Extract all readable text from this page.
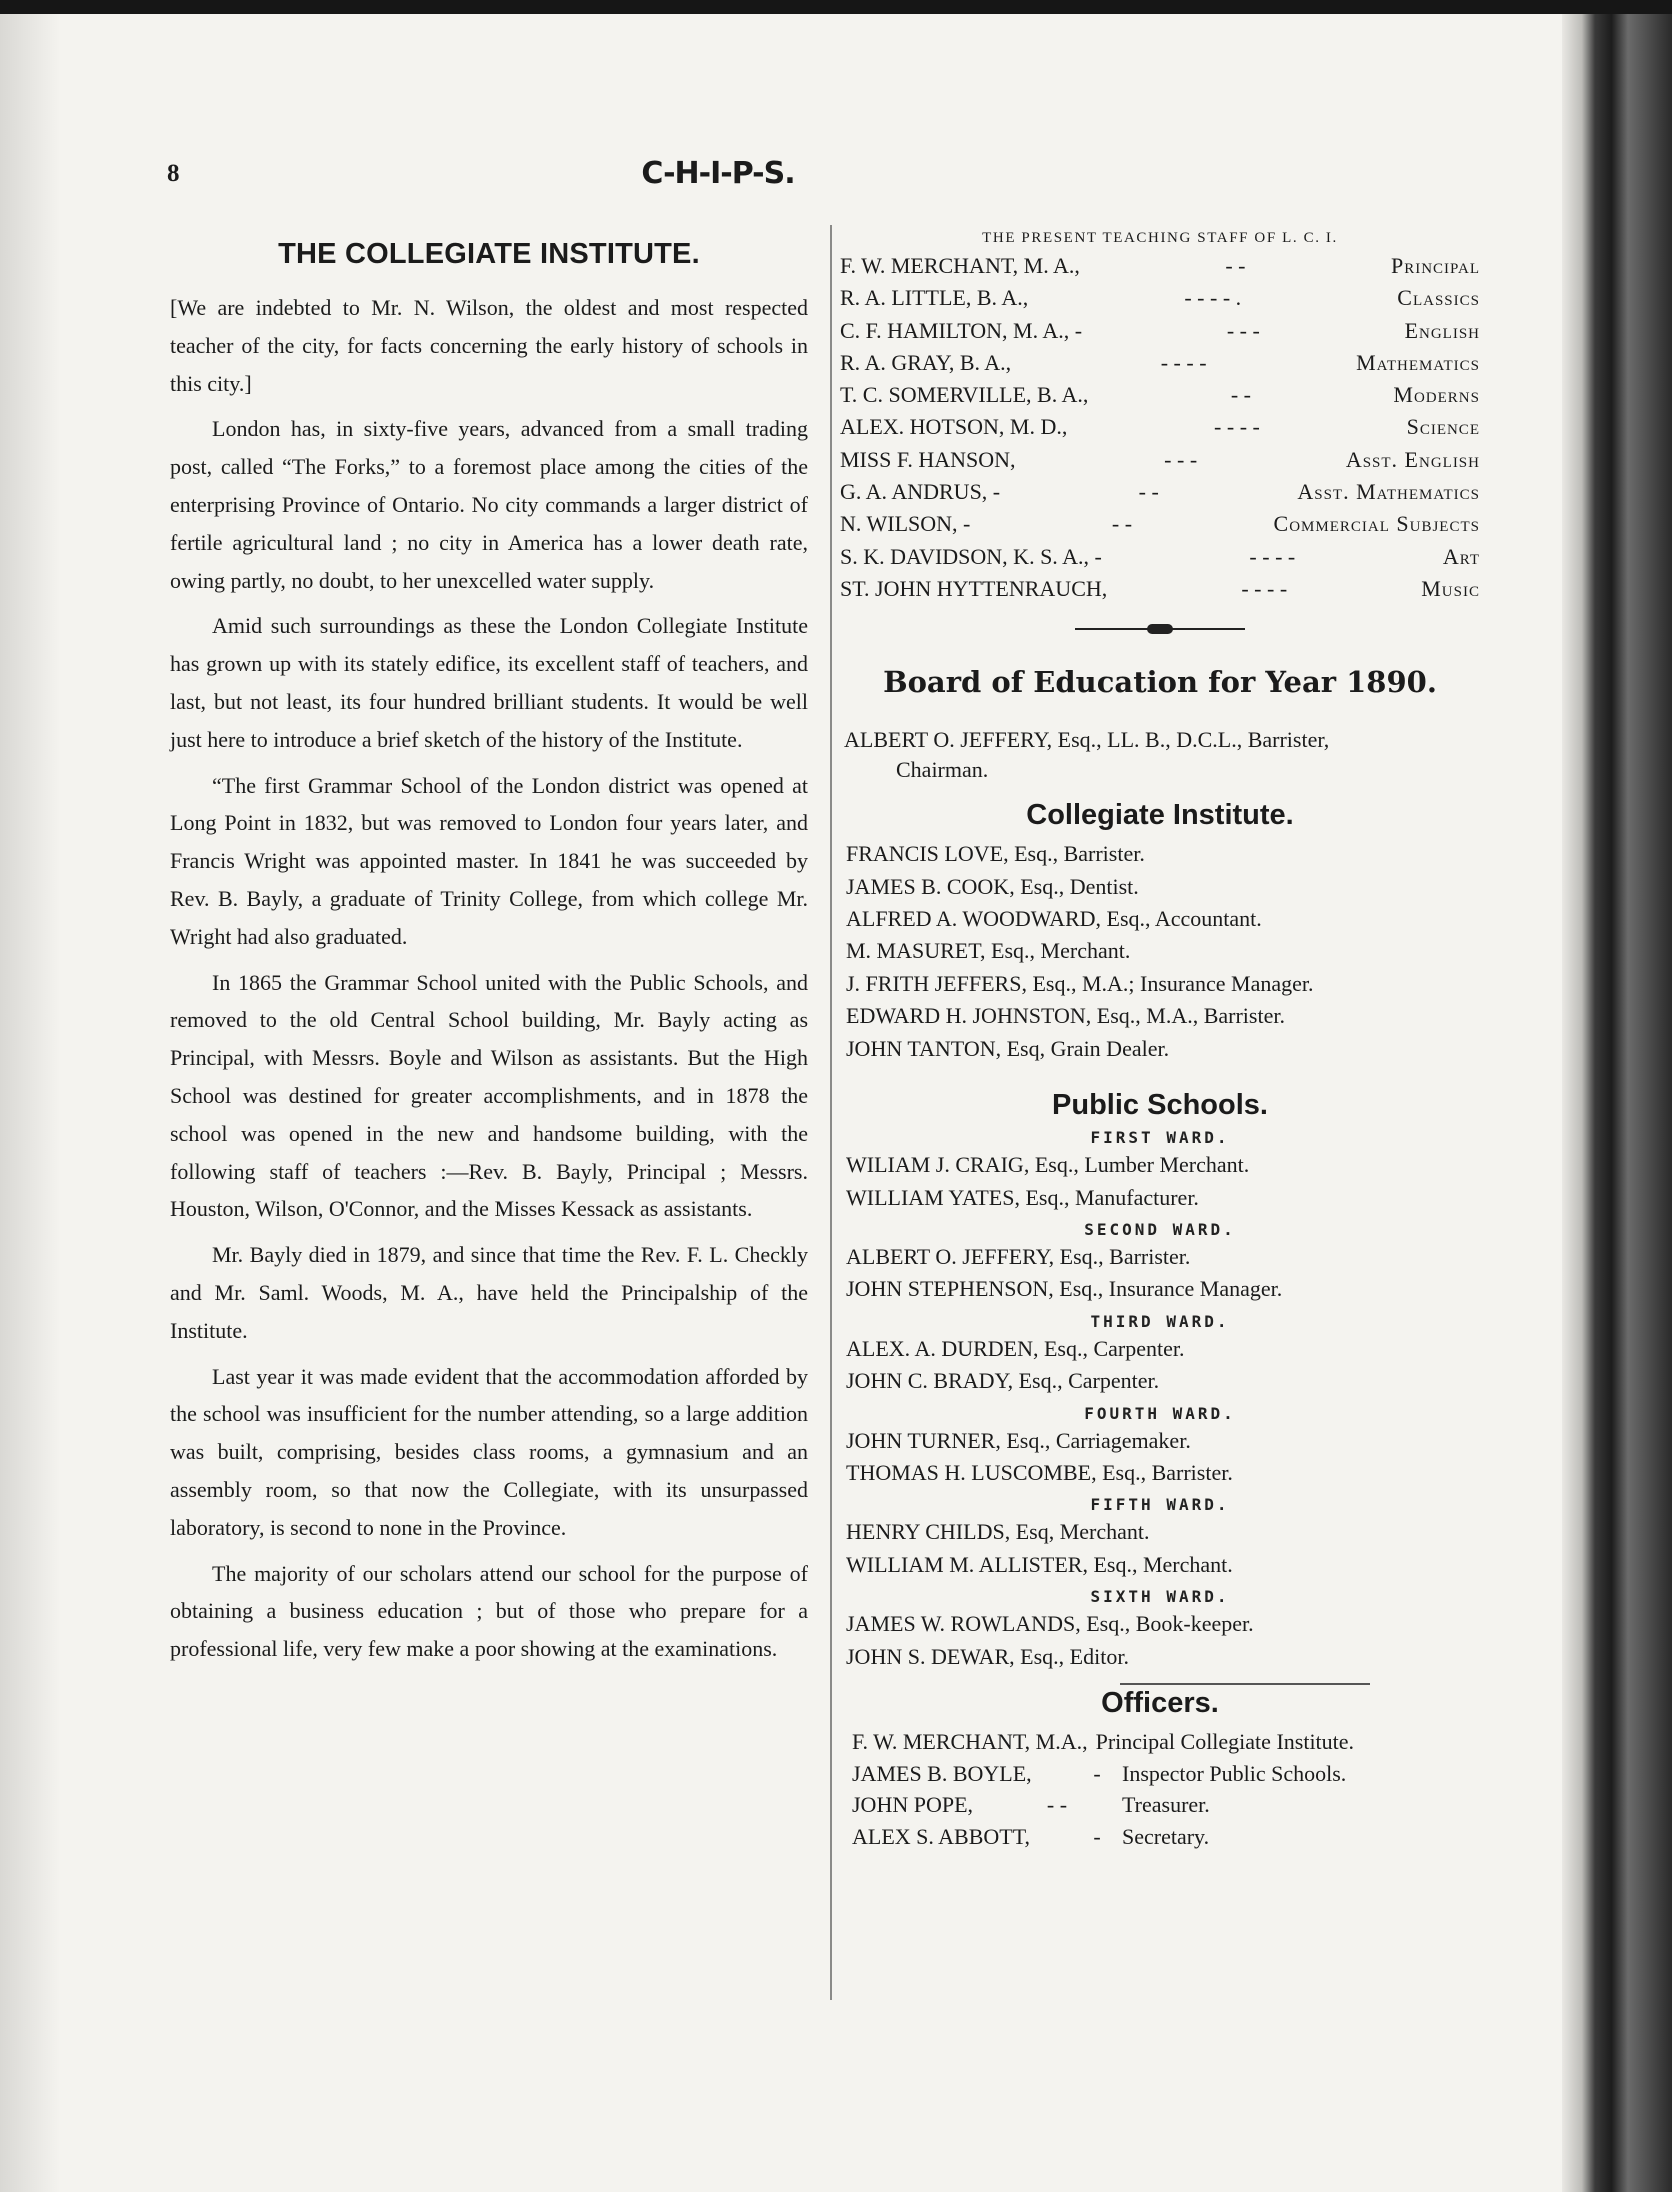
8	C-H-I-P-S.
THE COLLEGIATE INSTITUTE.

[We are indebted to Mr. N. Wilson, the oldest and most respected teacher of the city, for facts concerning the early history of schools in this city.]

London has, in sixty-five years, advanced from a small trading post, called “The Forks,” to a foremost place among the cities of the enterprising Province of Ontario. No city commands a larger district of fertile agricultural land ; no city in America has a lower death rate, owing partly, no doubt, to her unexcelled water supply.

Amid such surroundings as these the London Collegiate Institute has grown up with its stately edifice, its excellent staff of teachers, and last, but not least, its four hundred brilliant students. It would be well just here to introduce a brief sketch of the history of the Institute.

“The first Grammar School of the London district was opened at Long Point in 1832, but was removed to London four years later, and Francis Wright was appointed master. In 1841 he was succeeded by Rev. B. Bayly, a graduate of Trinity College, from which college Mr. Wright had also graduated.

In 1865 the Grammar School united with the Public Schools, and removed to the old Central School building, Mr. Bayly acting as Principal, with Messrs. Boyle and Wilson as assistants. But the High School was destined for greater accomplishments, and in 1878 the school was opened in the new and handsome building, with the following staff of teachers :—Rev. B. Bayly, Principal ; Messrs. Houston, Wilson, O'Connor, and the Misses Kessack as assistants.

Mr. Bayly died in 1879, and since that time the Rev. F. L. Checkly and Mr. Saml. Woods, M. A., have held the Principalship of the Institute.

Last year it was made evident that the accommodation afforded by the school was insufficient for the number attending, so a large addition was built, comprising, besides class rooms, a gymnasium and an assembly room, so that now the Collegiate, with its unsurpassed laboratory, is second to none in the Province.

The majority of our scholars attend our school for the purpose of obtaining a business education ; but of those who prepare for a professional life, very few make a poor showing at the examinations.

THE PRESENT TEACHING STAFF OF L. C. I.
F. W. MERCHANT, M. A.,	- -	Principal
R. A. LITTLE, B. A.,	- - - - .	Classics
C. F. HAMILTON, M. A., -	- - -	English
R. A. GRAY, B. A.,	- - - -	Mathematics
T. C. SOMERVILLE, B. A.,	- -	Moderns
ALEX. HOTSON, M. D.,	- - - -	Science
MISS F. HANSON,	- - -	Asst. English
G. A. ANDRUS, -	- -	Asst. Mathematics
N. WILSON, -	- -	Commercial Subjects
S. K. DAVIDSON, K. S. A., -	- - - -	Art
ST. JOHN HYTTENRAUCH,	- - - -	Music
Board of Education for Year 1890.
ALBERT O. JEFFERY, Esq., LL. B., D.C.L., Barrister,
Chairman.
Collegiate Institute.
FRANCIS LOVE, Esq., Barrister.
JAMES B. COOK, Esq., Dentist.
ALFRED A. WOODWARD, Esq., Accountant.
M. MASURET, Esq., Merchant.
J. FRITH JEFFERS, Esq., M.A.; Insurance Manager.
EDWARD H. JOHNSTON, Esq., M.A., Barrister.
JOHN TANTON, Esq, Grain Dealer.
Public Schools.
FIRST WARD.
WILIAM J. CRAIG, Esq., Lumber Merchant.
WILLIAM YATES, Esq., Manufacturer.
SECOND WARD.
ALBERT O. JEFFERY, Esq., Barrister.
JOHN STEPHENSON, Esq., Insurance Manager.
THIRD WARD.
ALEX. A. DURDEN, Esq., Carpenter.
JOHN C. BRADY, Esq., Carpenter.
FOURTH WARD.
JOHN TURNER, Esq., Carriagemaker.
THOMAS H. LUSCOMBE, Esq., Barrister.
FIFTH WARD.
HENRY CHILDS, Esq, Merchant.
WILLIAM M. ALLISTER, Esq., Merchant.
SIXTH WARD.
JAMES W. ROWLANDS, Esq., Book-keeper.
JOHN S. DEWAR, Esq., Editor.
Officers.
F. W. MERCHANT, M.A., Principal Collegiate Institute.
JAMES B. BOYLE,	- Inspector Public Schools.
JOHN POPE,	- -	Treasurer.
ALEX S. ABBOTT,	- Secretary.
